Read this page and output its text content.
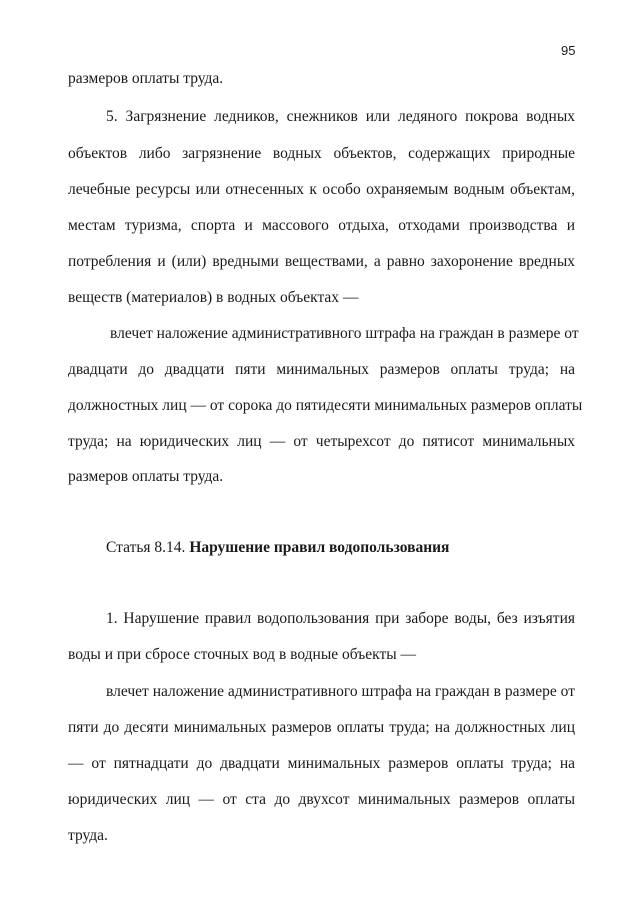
95
размеров оплаты труда.
5. Загрязнение ледников, снежников или ледяного покрова водных
объектов либо загрязнение водных объектов, содержащих природные
лечебные ресурсы или отнесенных к особо охраняемым водным объектам,
местам туризма, спорта и массового отдыха, отходами производства и
потребления и (или) вредными веществами, а равно захоронение вредных
веществ (материалов) в водных объектах —
влечет наложение административного штрафа на граждан в размере от
двадцати до двадцати пяти минимальных размеров оплаты труда; на
должностных лиц — от сорока до пятидесяти минимальных размеров оплаты
труда; на юридических лиц — от четырехсот до пятисот минимальных
размеров оплаты труда.
Статья 8.14. Нарушение правил водопользования
1. Нарушение правил водопользования при заборе воды, без изъятия
воды и при сбросе сточных вод в водные объекты —
влечет наложение административного штрафа на граждан в размере от
пяти до десяти минимальных размеров оплаты труда; на должностных лиц
— от пятнадцати до двадцати минимальных размеров оплаты труда; на
юридических лиц — от ста до двухсот минимальных размеров оплаты
труда.
